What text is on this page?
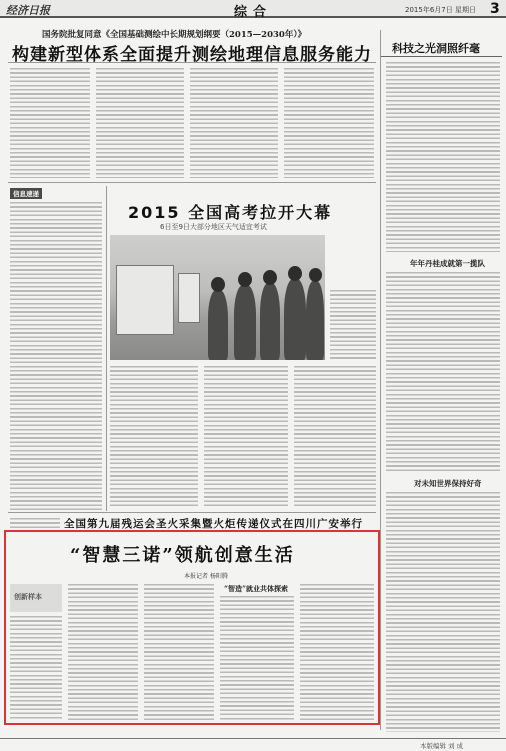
经济日报	综合	2015年6月7日 星期日 3
国务院批复同意《全国基础测绘中长期规划纲要（2015—2030年）》
构建新型体系全面提升测绘地理信息服务能力 科技之光洞照纤毫
年年丹桂成就第一揽队
对未知世界保持好奇
信息速递
2015 全国高考拉开大幕
6日至9日大部分地区天气适宜考试
全国第九届残运会圣火采集暨火炬传递仪式在四川广安举行
“智慧三诺”领航创意生活
本报记者 杨阳腾
创新样本
“智造”就业共体探索
本版编辑 刘 成
